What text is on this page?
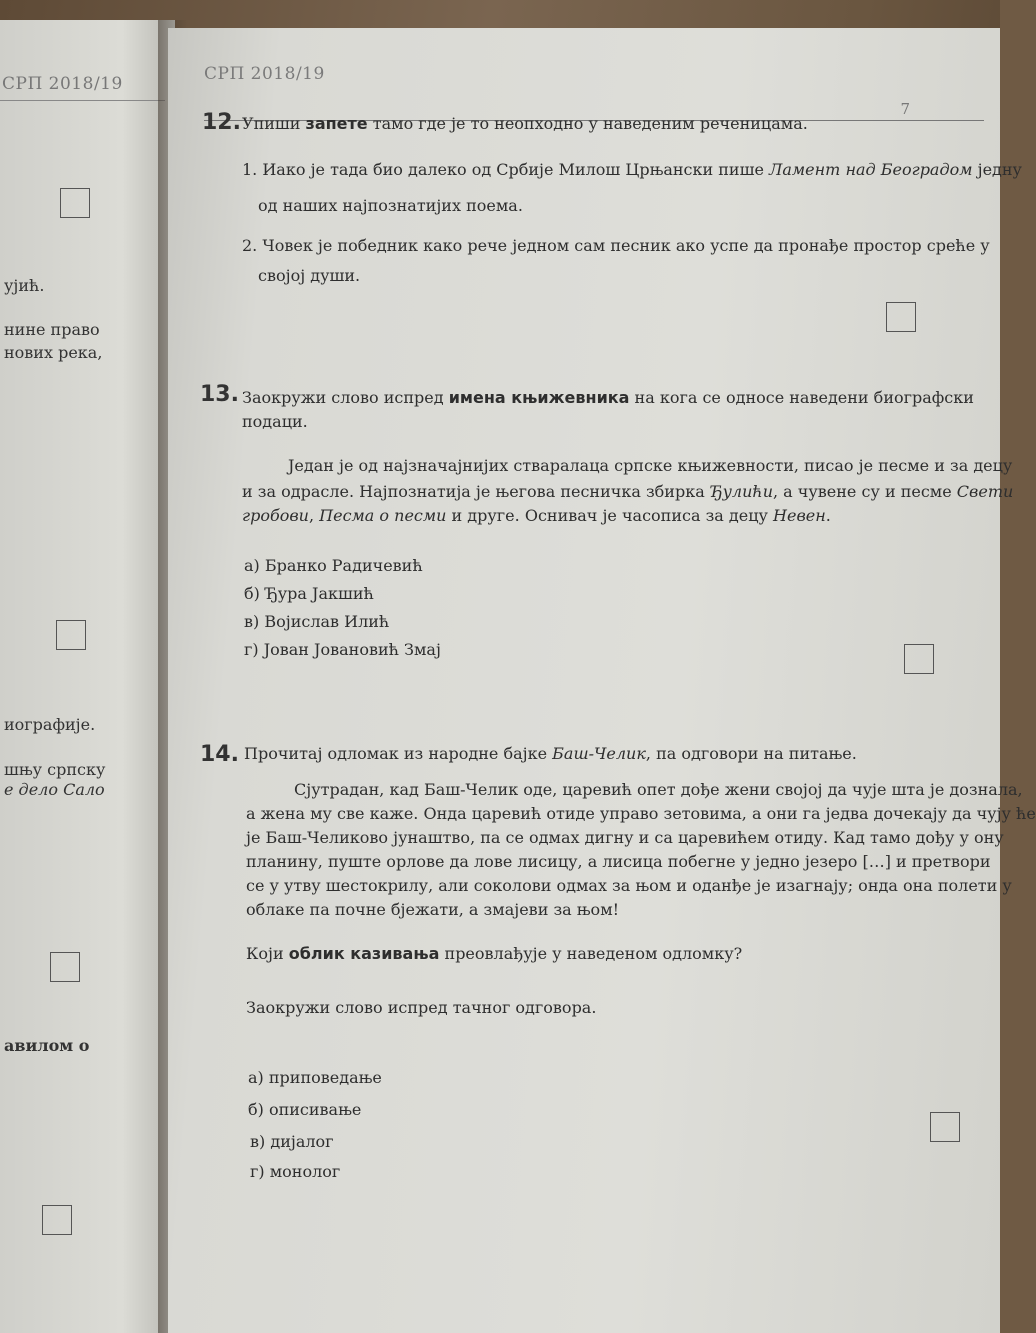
СРП 2018/19
ујић.
нине право
нових река,
иографије.
шњу српску
е дело Сало
авилом о
СРП 2018/19
7
12. Упиши запете тамо где је то неопходно у наведеним реченицама.
1. Иако је тада био далеко од Србије Милош Црњански пише Ламент над Београдом једну
од наших најпознатијих поема.
2. Човек је победник како рече једном сам песник ако успе да пронађе простор среће у
својој души.
13. Заокружи слово испред имена књижевника на кога се односе наведени биографски
подаци.
Један је од најзначајнијих стваралаца српске књижевности, писао је песме и за децу
и за одрасле. Најпознатија је његова песничка збирка Ђулићи, а чувене су и песме Свети
гробови, Песма о песми и друге. Оснивач је часописа за децу Невен.
а) Бранко Радичевић
б) Ђура Јакшић
в) Војислав Илић
г) Јован Јовановић Змај
14. Прочитај одломак из народне бајке Баш-Челик, па одговори на питање.
Сјутрадан, кад Баш-Челик оде, царевић опет дође жени својој да чује шта је дознала,
а жена му све каже. Онда царевић отиде управо зетовима, а они га једва дочекају да чују ће
је Баш-Челиково јунаштво, па се одмах дигну и са царевићем отиду. Кад тамо дођу у ону
планину, пуште орлове да лове лисицу, а лисица побегне у једно језеро […] и претвори
се у утву шестокрилу, али соколови одмах за њом и оданђе је изагнају; онда она полети у
облаке па почне бјежати, а змајеви за њом!
Који облик казивања преовлађује у наведеном одломку?
Заокружи слово испред тачног одговора.
а) приповедање
б) описивање
в) дијалог
г) монолог
